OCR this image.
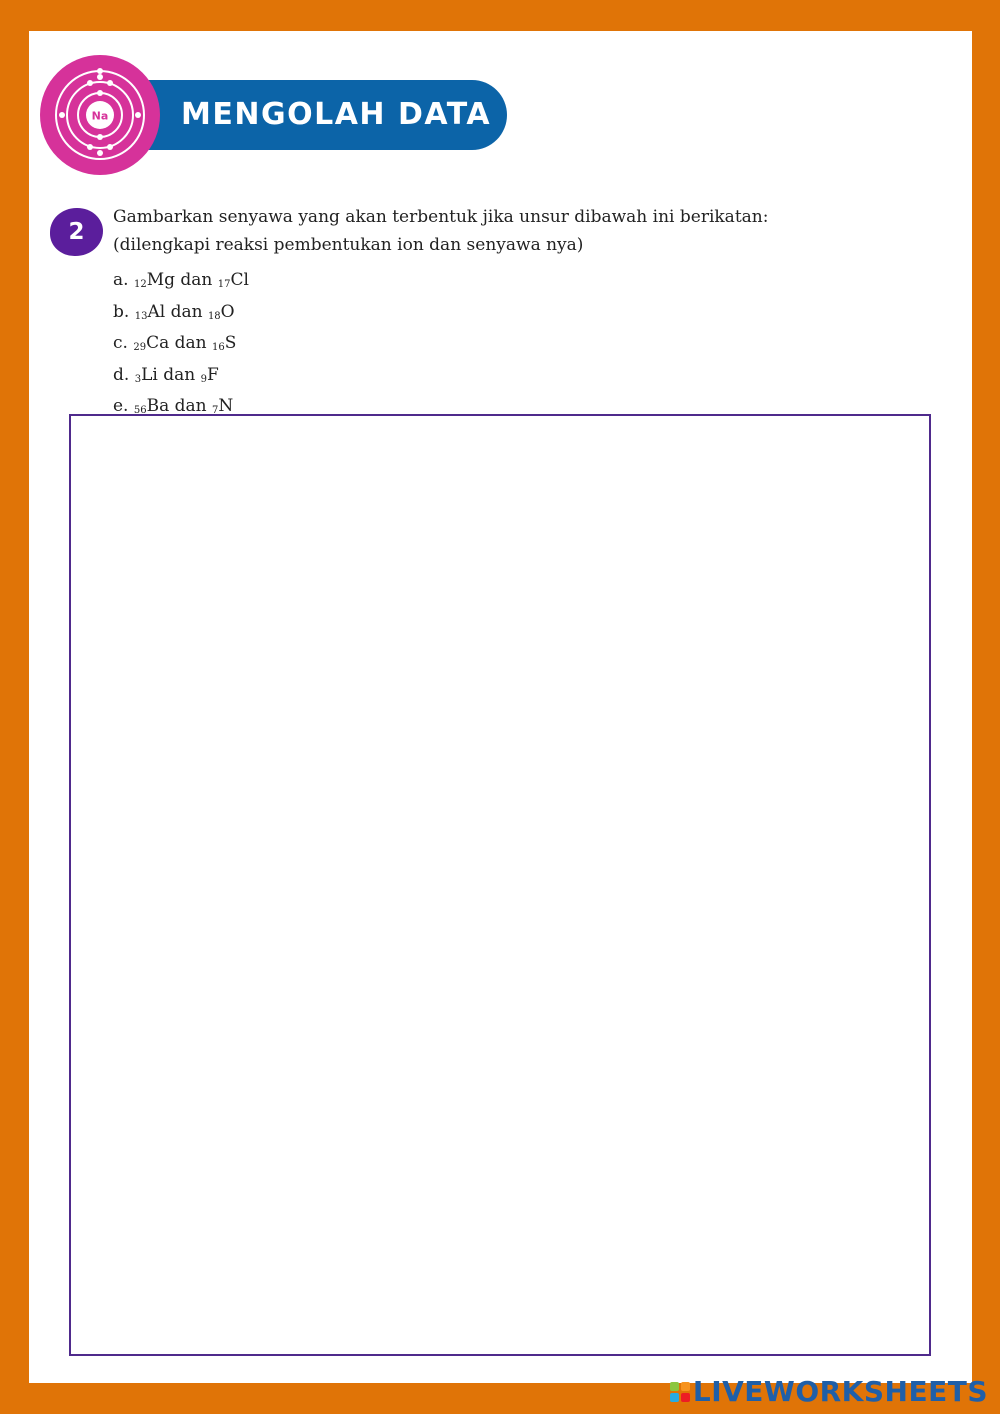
MENGOLAH DATA
Na
2
Gambarkan senyawa yang akan terbentuk jika unsur dibawah ini berikatan:
(dilengkapi reaksi pembentukan ion dan senyawa nya)
a. $_{12}$Mg dan $_{17}$Cl
b. $_{13}$Al dan $_{18}$O
c. $_{29}$Ca dan $_{16}$S
d. $_3$Li dan $_9$F
e. $_{56}$Ba dan $_7$N
LIVEWORKSHEETS
